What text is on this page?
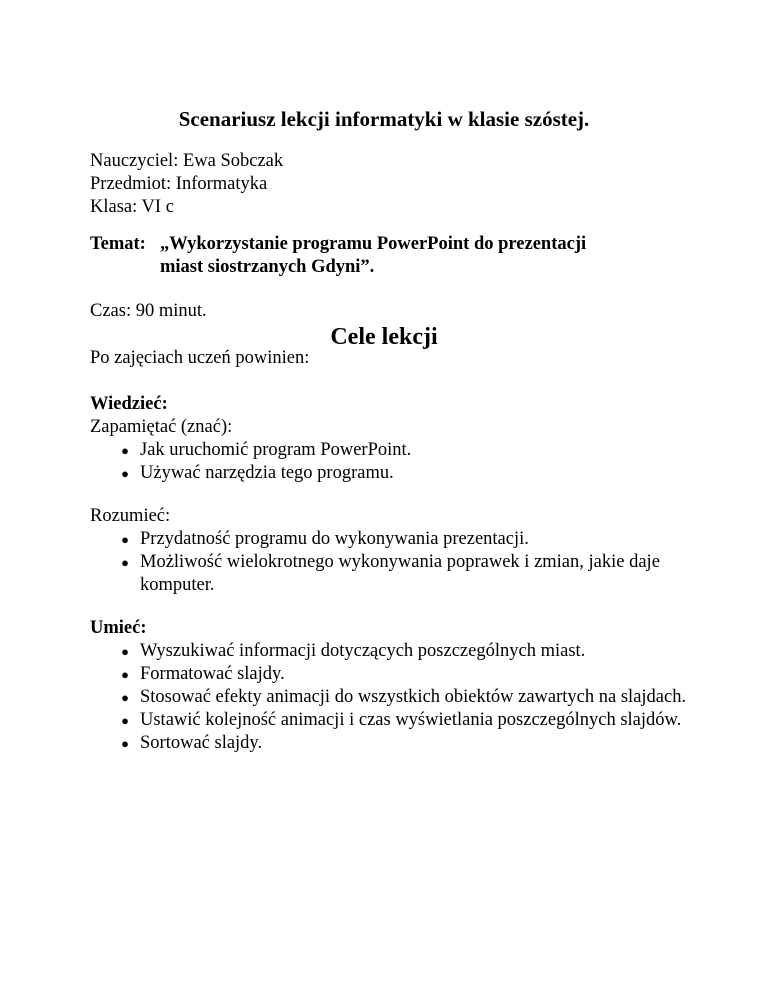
Scenariusz lekcji informatyki w klasie szóstej.
Nauczyciel: Ewa Sobczak
Przedmiot: Informatyka
Klasa: VI c
Temat: „Wykorzystanie programu PowerPoint do prezentacji
miast siostrzanych Gdyni”.
Czas: 90 minut.
Cele lekcji
Po zajęciach uczeń powinien:
Wiedzieć:
Zapamiętać (znać):
● Jak uruchomić program PowerPoint.
● Używać narzędzia tego programu.
Rozumieć:
● Przydatność programu do wykonywania prezentacji.
● Możliwość wielokrotnego wykonywania poprawek i zmian, jakie daje komputer.
Umieć:
● Wyszukiwać informacji dotyczących poszczególnych miast.
● Formatować slajdy.
● Stosować efekty animacji do wszystkich obiektów zawartych na slajdach.
● Ustawić kolejność animacji i czas wyświetlania poszczególnych slajdów.
● Sortować slajdy.
